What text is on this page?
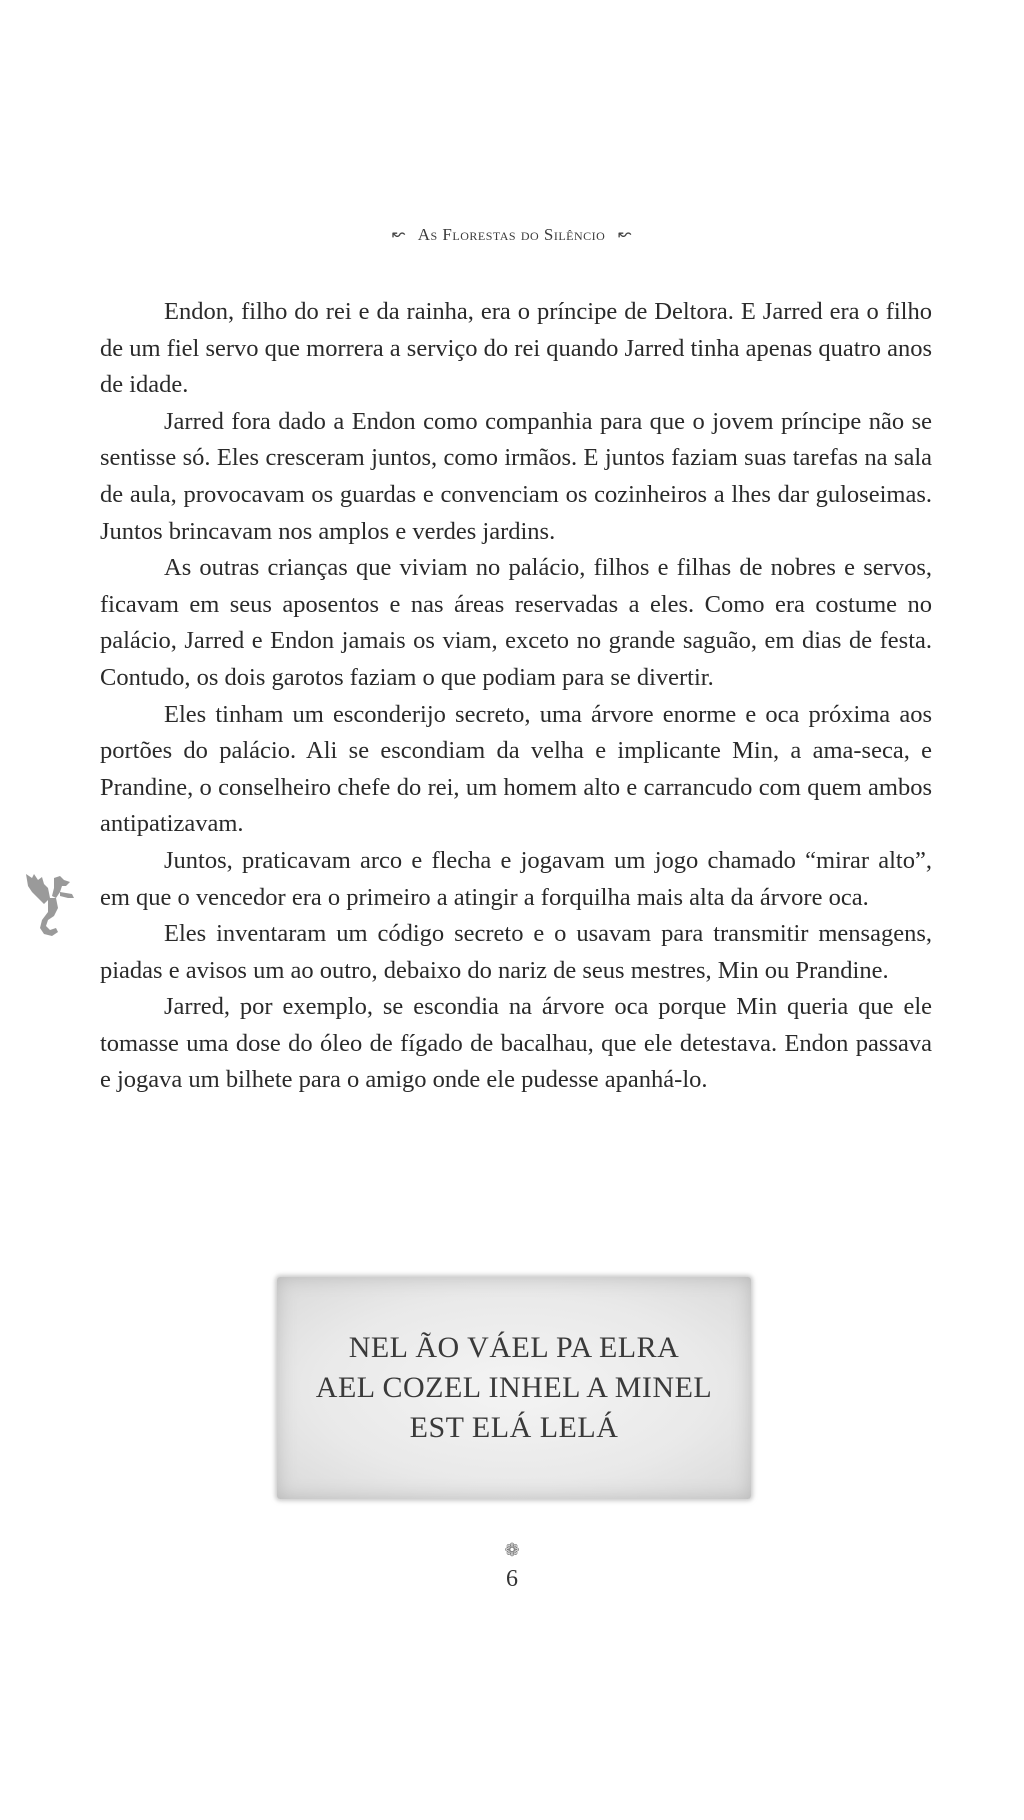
↜ As Florestas do Silêncio ↜

Endon, filho do rei e da rainha, era o príncipe de Deltora. E Jarred era o filho de um fiel servo que morrera a serviço do rei quando Jarred tinha apenas quatro anos de idade.

Jarred fora dado a Endon como companhia para que o jovem príncipe não se sentisse só. Eles cresceram juntos, como irmãos. E juntos faziam suas tarefas na sala de aula, provocavam os guardas e convenciam os cozinheiros a lhes dar guloseimas. Juntos brincavam nos amplos e verdes jardins.

As outras crianças que viviam no palácio, filhos e filhas de nobres e servos, ficavam em seus aposentos e nas áreas reservadas a eles. Como era costume no palácio, Jarred e Endon jamais os viam, exceto no grande saguão, em dias de festa. Contudo, os dois garotos faziam o que podiam para se divertir.

Eles tinham um esconderijo secreto, uma árvore enorme e oca próxima aos portões do palácio. Ali se escondiam da velha e implicante Min, a ama-seca, e Prandine, o conselheiro chefe do rei, um homem alto e carrancudo com quem ambos antipatizavam.

Juntos, praticavam arco e flecha e jogavam um jogo chamado “mirar alto”, em que o vencedor era o primeiro a atingir a forquilha mais alta da árvore oca.

Eles inventaram um código secreto e o usavam para transmitir mensagens, piadas e avisos um ao outro, debaixo do nariz de seus mestres, Min ou Prandine.

Jarred, por exemplo, se escondia na árvore oca porque Min queria que ele tomasse uma dose do óleo de fígado de bacalhau, que ele detestava. Endon passava e jogava um bilhete para o amigo onde ele pudesse apanhá-lo.

NEL ÃO VÁEL PA ELRA
AEL COZEL INHEL A MINEL
EST ELÁ LELÁ
❁
6
